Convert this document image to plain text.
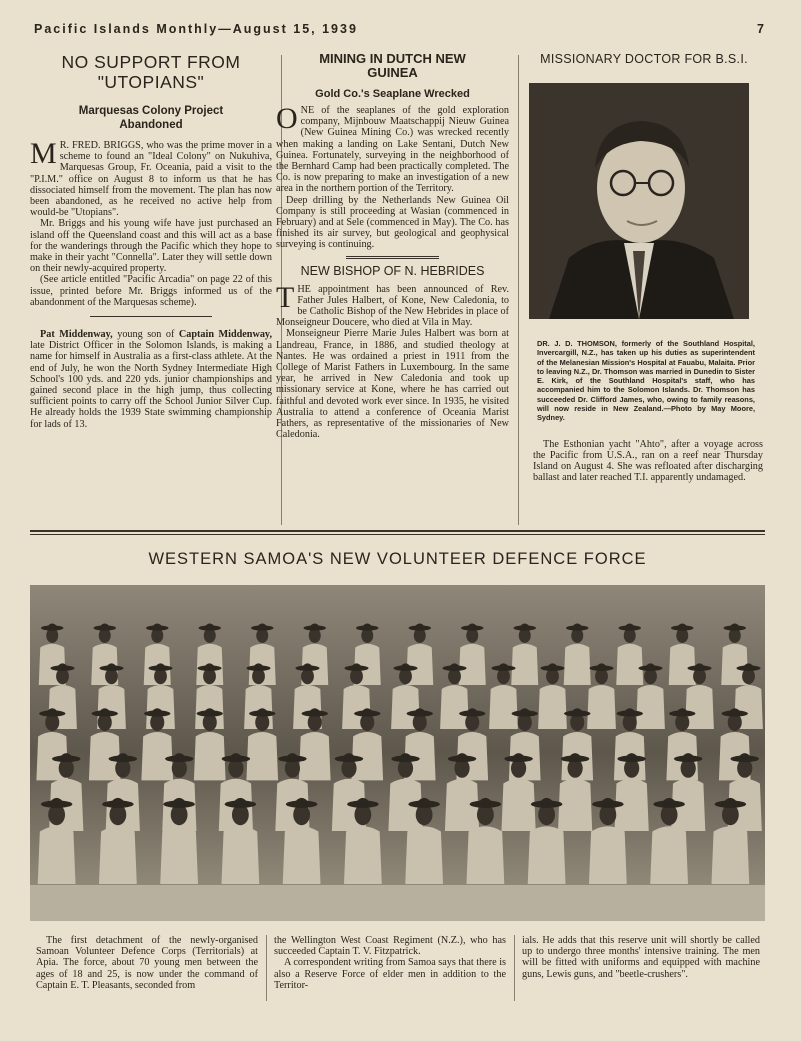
Pacific Islands Monthly—August 15, 1939	7
NO SUPPORT FROM "UTOPIANS"
Marquesas Colony Project Abandoned

M R. FRED. BRIGGS, who was the prime mover in a scheme to found an "Ideal Colony" on Nukuhiva, Marquesas Group, Fr. Oceania, paid a visit to the "P.I.M." office on August 8 to inform us that he has dissociated himself from the movement. The plan has now been abandoned, as he received no active help from would-be "Utopians".

Mr. Briggs and his young wife have just purchased an island off the Queensland coast and this will act as a base for the wanderings through the Pacific which they hope to make in their yacht "Connella". Later they will settle down on their newly-acquired property.

(See article entitled "Pacific Arcadia" on page 22 of this issue, printed before Mr. Briggs informed us of the abandonment of the Marquesas scheme).

Pat Middenway, young son of Captain Middenway, late District Officer in the Solomon Islands, is making a name for himself in Australia as a first-class athlete. At the end of July, he won the North Sydney Intermediate High School's 100 yds. and 220 yds. junior championships and gained second place in the high jump, thus collecting sufficient points to carry off the School Junior Silver Cup. He already holds the 1939 State swimming championship for lads of 13.

MINING IN DUTCH NEW GUINEA
Gold Co.'s Seaplane Wrecked

ONE of the seaplanes of the gold exploration company, Mijnbouw Maatschappij Nieuw Guinea (New Guinea Mining Co.) was wrecked recently when making a landing on Lake Sentani, Dutch New Guinea. Fortunately, surveying in the neighborhood of the Bernhard Camp had been practically completed. The Co. is now preparing to make an investigation of a new area in the northern portion of the Territory.

Deep drilling by the Netherlands New Guinea Oil Company is still proceeding at Wasian (commenced in February) and at Sele (commenced in May). The Co. has finished its air survey, but geological and geophysical surveying is continuing.

NEW BISHOP OF N. HEBRIDES

THE appointment has been announced of Rev. Father Jules Halbert, of Kone, New Caledonia, to be Catholic Bishop of the New Hebrides in place of Monseigneur Doucere, who died at Vila in May.

Monseigneur Pierre Marie Jules Halbert was born at Landreau, France, in 1886, and studied theology at Nantes. He was ordained a priest in 1911 from the College of Marist Fathers in Luxembourg. In the same year, he arrived in New Caledonia and took up missionary service at Kone, where he has carried out faithful and devoted work ever since. In 1935, he visited Australia to attend a conference of Oceania Marist Fathers, as representative of the missionaries of New Caledonia.

MISSIONARY DOCTOR FOR B.S.I.
DR. J. D. THOMSON, formerly of the Southland Hospital, Invercargill, N.Z., has taken up his duties as superintendent of the Melanesian Mission's Hospital at Fauabu, Malaita. Prior to leaving N.Z., Dr. Thomson was married in Dunedin to Sister E. Kirk, of the Southland Hospital's staff, who has accompanied him to the Solomon Islands. Dr. Thomson has succeeded Dr. Clifford James, who, owing to family reasons, will now reside in New Zealand.—Photo by May Moore, Sydney.

The Esthonian yacht "Ahto", after a voyage across the Pacific from U.S.A., ran on a reef near Thursday Island on August 4. She was refloated after discharging ballast and later reached T.I. apparently undamaged.

WESTERN SAMOA'S NEW VOLUNTEER DEFENCE FORCE

The first detachment of the newly-organised Samoan Volunteer Defence Corps (Territorials) at Apia. The force, about 70 young men between the ages of 18 and 25, is now under the command of Captain E. T. Pleasants, seconded from

the Wellington West Coast Regiment (N.Z.), who has succeeded Captain T. V. Fitzpatrick.

A correspondent writing from Samoa says that there is also a Reserve Force of elder men in addition to the Territor-

ials. He adds that this reserve unit will shortly be called up to undergo three months' intensive training. The men will be fitted with uniforms and equipped with machine guns, Lewis guns, and "beetle-crushers".
